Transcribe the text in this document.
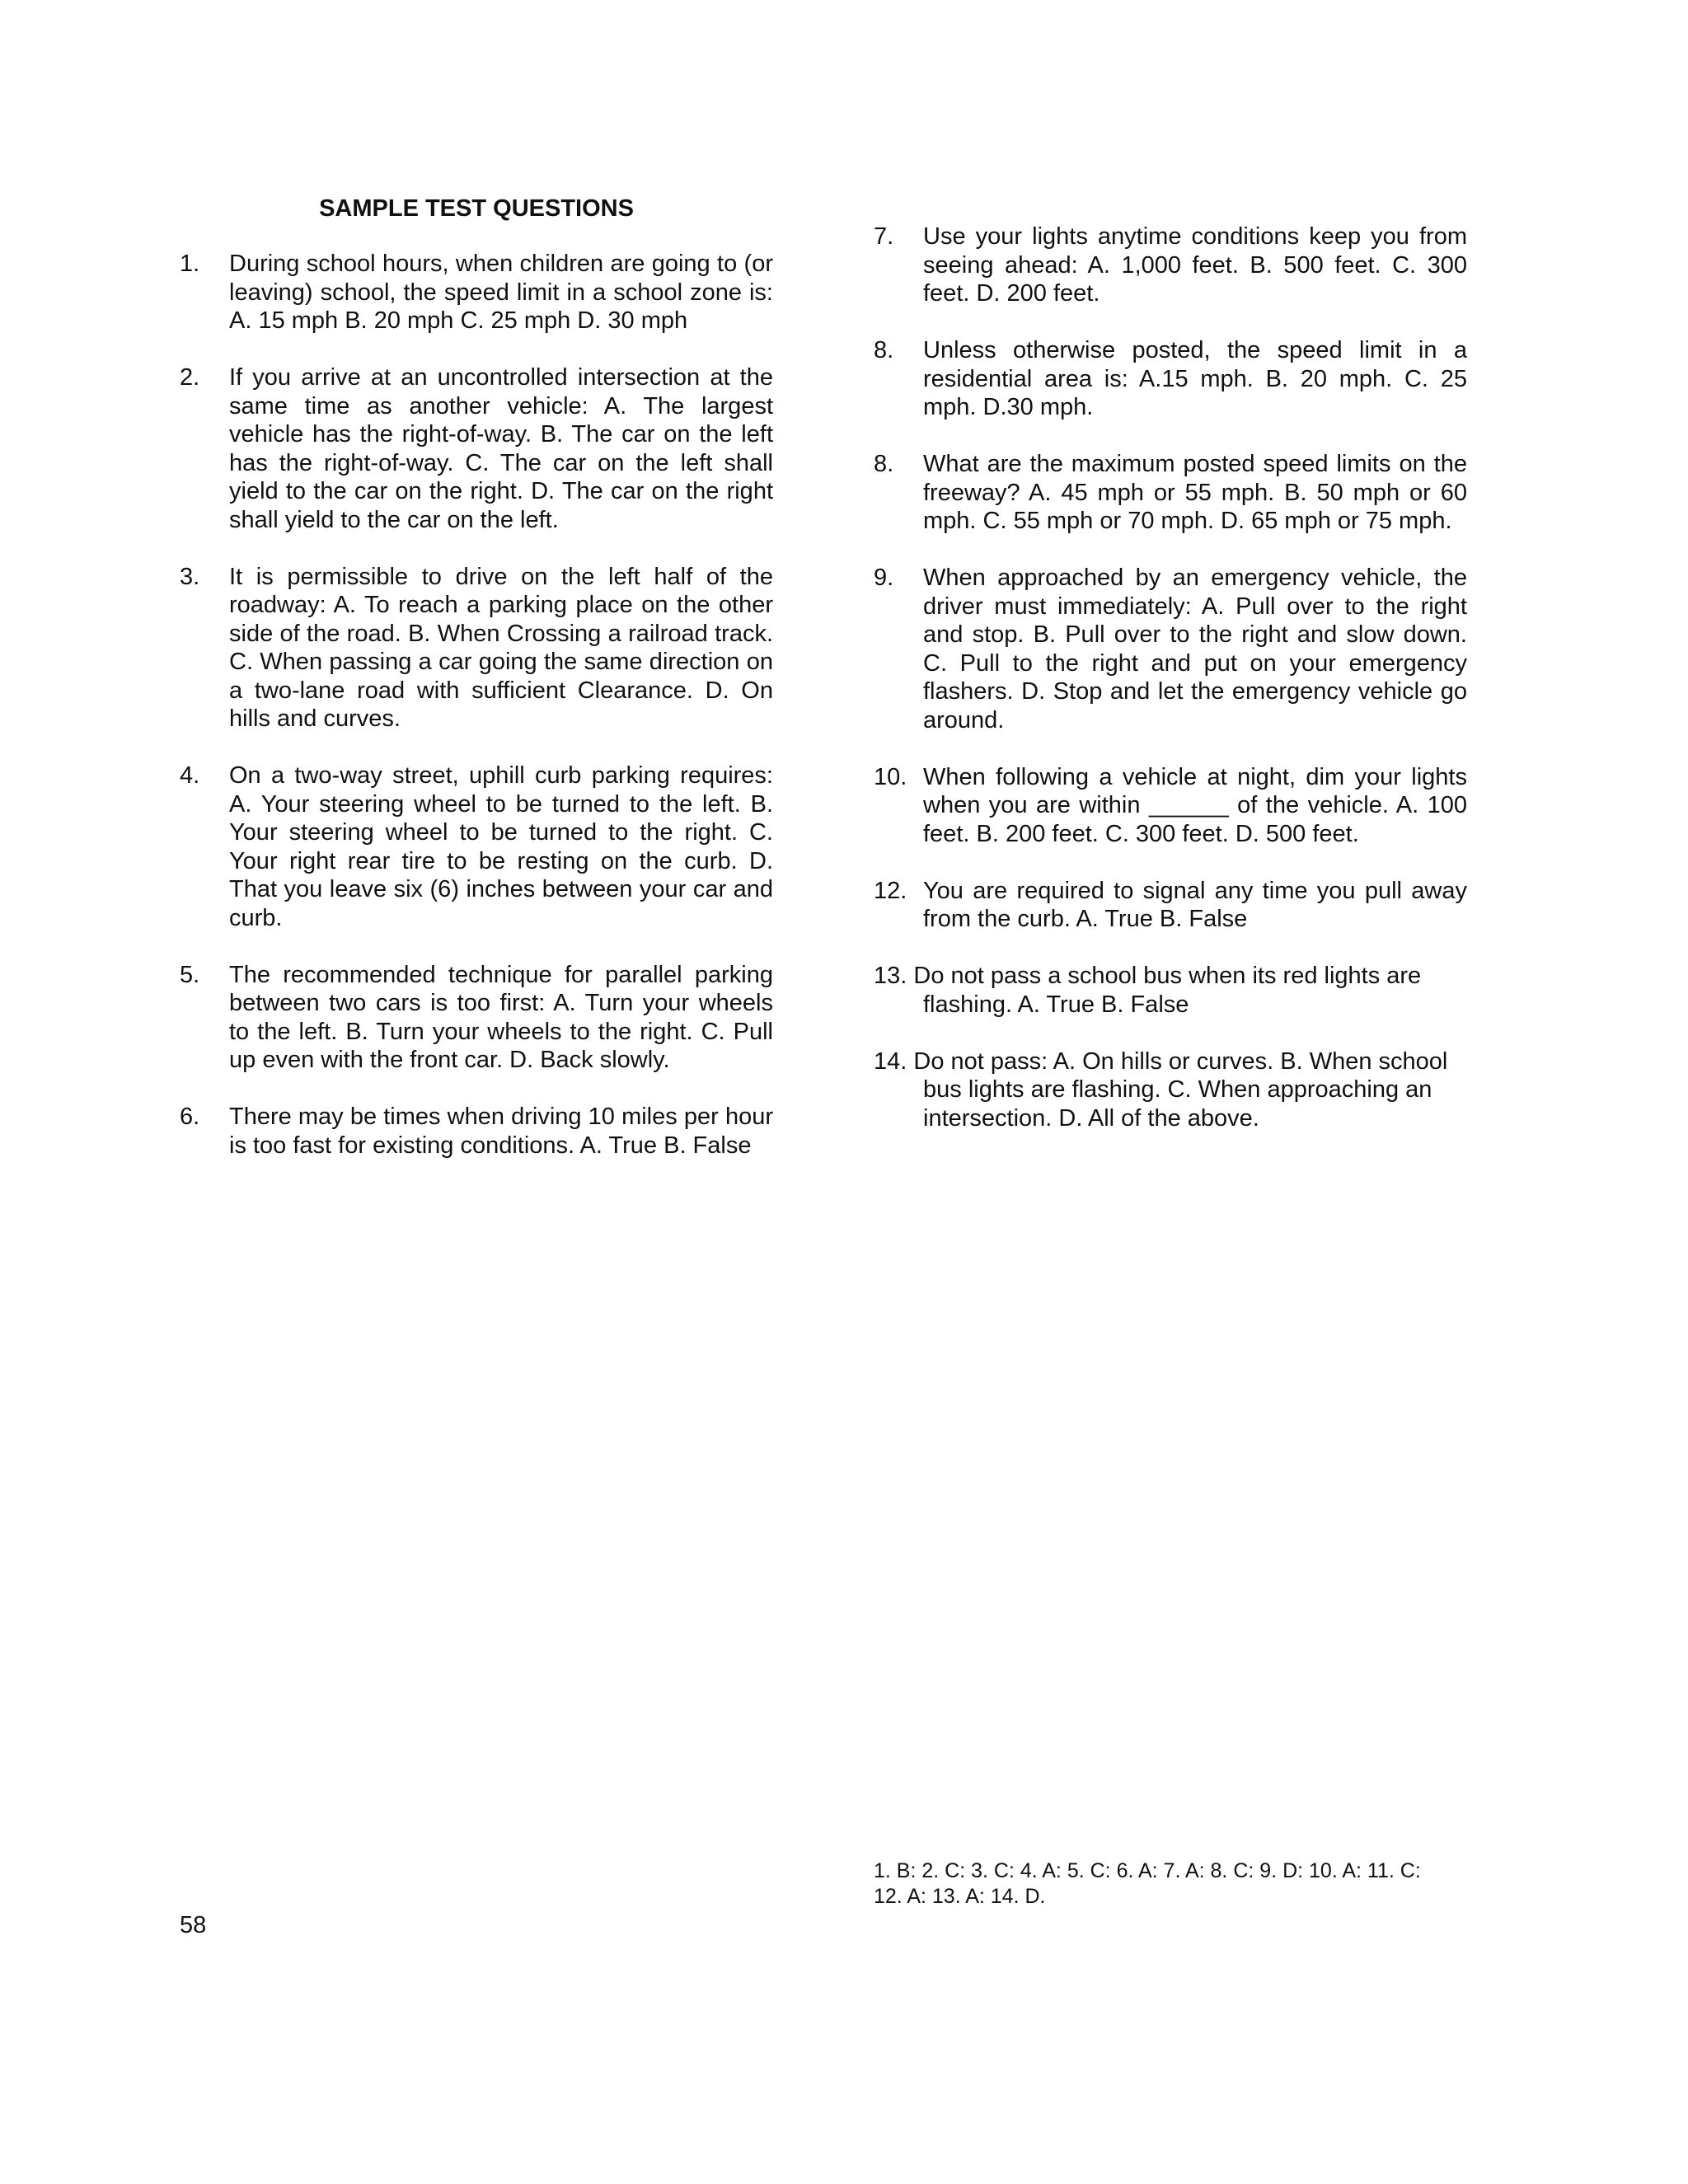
SAMPLE TEST QUESTIONS
1.	During school hours, when children are going to (or leaving) school, the speed limit in a school zone is: A. 15 mph B. 20 mph C. 25 mph D. 30 mph
2.	If you arrive at an uncontrolled intersection at the same time as another vehicle: A. The largest vehicle has the right-of-way. B. The car on the left has the right-of-way. C. The car on the left shall yield to the car on the right. D. The car on the right shall yield to the car on the left.
3.	It is permissible to drive on the left half of the roadway: A. To reach a parking place on the other side of the road. B. When Crossing a railroad track. C. When passing a car going the same direction on a two-lane road with sufficient Clearance. D. On hills and curves.
4.	On a two-way street, uphill curb parking requires: A. Your steering wheel to be turned to the left. B. Your steering wheel to be turned to the right. C. Your right rear tire to be resting on the curb. D. That you leave six (6) inches between your car and curb.
5.	The recommended technique for parallel parking between two cars is too first: A. Turn your wheels to the left. B. Turn your wheels to the right. C. Pull up even with the front car. D. Back slowly.
6.	There may be times when driving 10 miles per hour is too fast for existing conditions. A. True B. False
7.	Use your lights anytime conditions keep you from seeing ahead: A. 1,000 feet. B. 500 feet. C. 300 feet. D. 200 feet.
8.	Unless otherwise posted, the speed limit in a residential area is: A.15 mph. B. 20 mph. C. 25 mph. D.30 mph.
8.	What are the maximum posted speed limits on the freeway? A. 45 mph or 55 mph. B. 50 mph or 60 mph. C. 55 mph or 70 mph. D. 65 mph or 75 mph.
9.	When approached by an emergency vehicle, the driver must immediately: A. Pull over to the right and stop. B. Pull over to the right and slow down. C. Pull to the right and put on your emergency flashers. D. Stop and let the emergency vehicle go around.
10. When following a vehicle at night, dim your lights when you are within ______ of the vehicle. A. 100 feet. B. 200 feet. C. 300 feet. D. 500 feet.
12. You are required to signal any time you pull away from the curb. A. True B. False
13. Do not pass a school bus when its red lights are flashing. A. True B. False
14. Do not pass: A. On hills or curves. B. When school bus lights are flashing. C. When approaching an intersection. D. All of the above.
1. B: 2. C: 3. C: 4. A: 5. C: 6. A: 7. A: 8. C: 9. D: 10. A: 11. C:
12. A: 13. A: 14. D.
58
